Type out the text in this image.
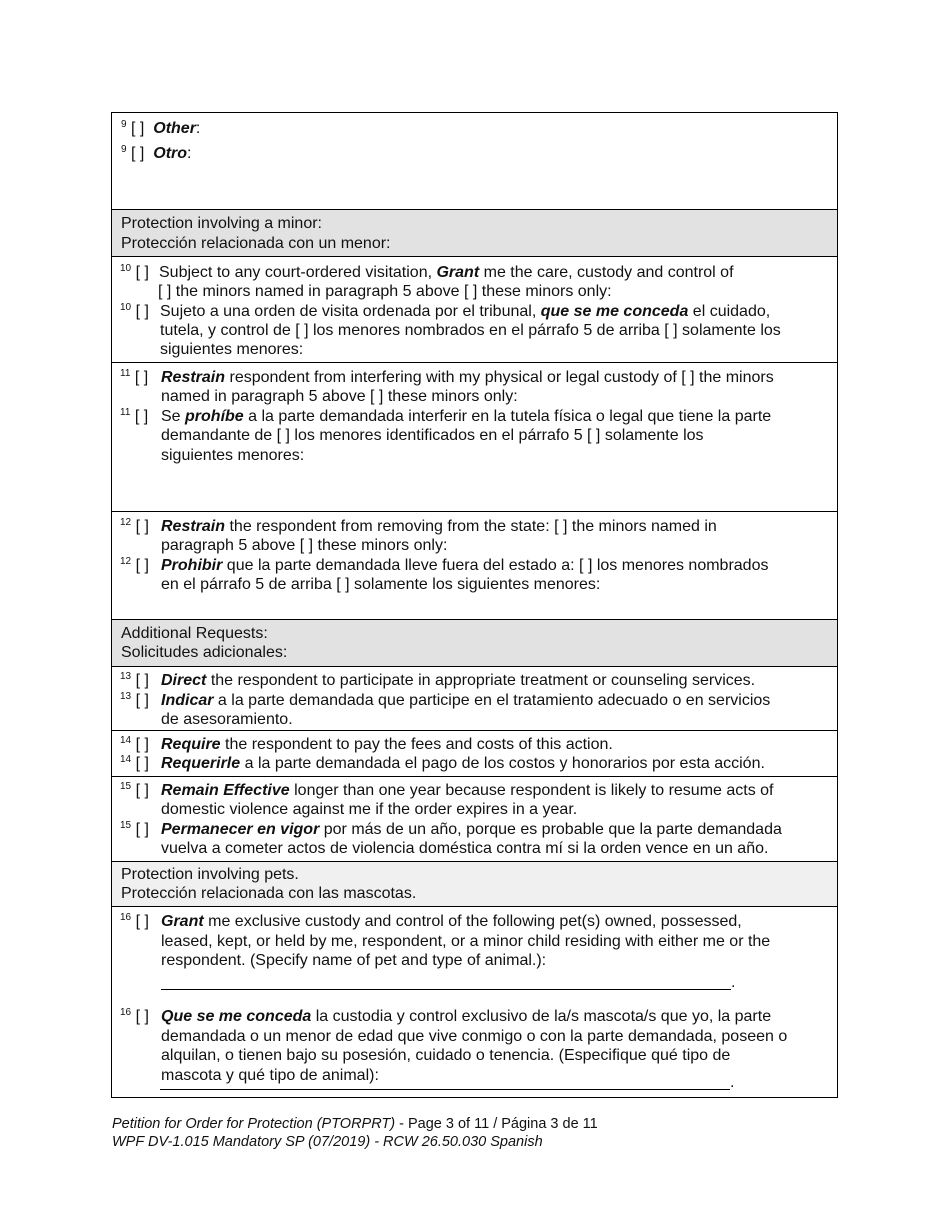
$^9$ [ ] Other:
$^9$ [ ] Otro:
Protection involving a minor:
Protección relacionada con un menor:
$^{10}$ [ ] Subject to any court-ordered visitation, Grant me the care, custody and control of
[ ] the minors named in paragraph 5 above [ ] these minors only:
$^{10}$ [ ] Sujeto a una orden de visita ordenada por el tribunal, que se me conceda el cuidado,
tutela, y control de [ ] los menores nombrados en el párrafo 5 de arriba [ ] solamente los
siguientes menores:
$^{11}$ [ ] Restrain respondent from interfering with my physical or legal custody of [ ] the minors
named in paragraph 5 above [ ] these minors only:
$^{11}$ [ ] Se prohíbe a la parte demandada interferir en la tutela física o legal que tiene la parte
demandante de [ ] los menores identificados en el párrafo 5 [ ] solamente los
siguientes menores:
$^{12}$ [ ] Restrain the respondent from removing from the state: [ ] the minors named in
paragraph 5 above [ ] these minors only:
$^{12}$ [ ] Prohibir que la parte demandada lleve fuera del estado a: [ ] los menores nombrados
en el párrafo 5 de arriba [ ] solamente los siguientes menores:
Additional Requests:
Solicitudes adicionales:
$^{13}$ [ ] Direct the respondent to participate in appropriate treatment or counseling services.
$^{13}$ [ ] Indicar a la parte demandada que participe en el tratamiento adecuado o en servicios
de asesoramiento.
$^{14}$ [ ] Require the respondent to pay the fees and costs of this action.
$^{14}$ [ ] Requerirle a la parte demandada el pago de los costos y honorarios por esta acción.
$^{15}$ [ ] Remain Effective longer than one year because respondent is likely to resume acts of
domestic violence against me if the order expires in a year.
$^{15}$ [ ] Permanecer en vigor por más de un año, porque es probable que la parte demandada
vuelva a cometer actos de violencia doméstica contra mí si la orden vence en un año.
Protection involving pets.
Protección relacionada con las mascotas.
$^{16}$ [ ] Grant me exclusive custody and control of the following pet(s) owned, possessed,
leased, kept, or held by me, respondent, or a minor child residing with either me or the
respondent. (Specify name of pet and type of animal.):
.
$^{16}$ [ ] Que se me conceda la custodia y control exclusivo de la/s mascota/s que yo, la parte
demandada o un menor de edad que vive conmigo o con la parte demandada, poseen o
alquilan, o tienen bajo su posesión, cuidado o tenencia. (Especifique qué tipo de
mascota y qué tipo de animal):	.
Petition for Order for Protection (PTORPRT) - Page 3 of 11 / Página 3 de 11
WPF DV-1.015 Mandatory SP (07/2019) - RCW 26.50.030 Spanish
